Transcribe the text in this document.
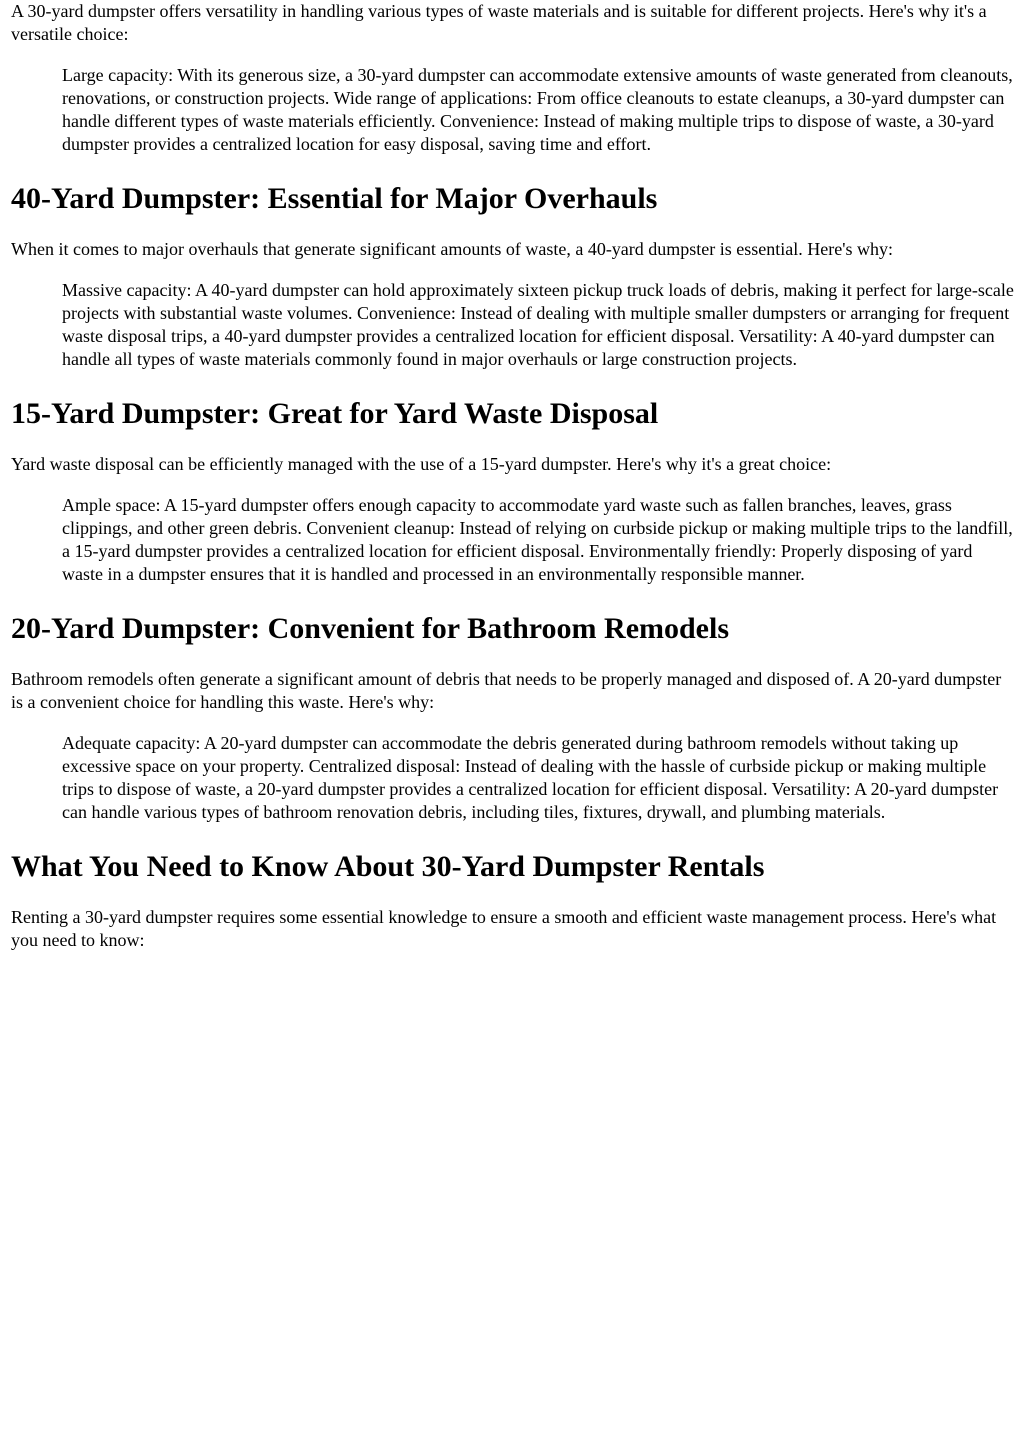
A 30-yard dumpster offers versatility in handling various types of waste materials and is suitable for different projects. Here's why it's a versatile choice:

Large capacity: With its generous size, a 30-yard dumpster can accommodate extensive amounts of waste generated from cleanouts, renovations, or construction projects. Wide range of applications: From office cleanouts to estate cleanups, a 30-yard dumpster can handle different types of waste materials efficiently. Convenience: Instead of making multiple trips to dispose of waste, a 30-yard dumpster provides a centralized location for easy disposal, saving time and effort.
40-Yard Dumpster: Essential for Major Overhauls

When it comes to major overhauls that generate significant amounts of waste, a 40-yard dumpster is essential. Here's why:

Massive capacity: A 40-yard dumpster can hold approximately sixteen pickup truck loads of debris, making it perfect for large-scale projects with substantial waste volumes. Convenience: Instead of dealing with multiple smaller dumpsters or arranging for frequent waste disposal trips, a 40-yard dumpster provides a centralized location for efficient disposal. Versatility: A 40-yard dumpster can handle all types of waste materials commonly found in major overhauls or large construction projects.
15-Yard Dumpster: Great for Yard Waste Disposal

Yard waste disposal can be efficiently managed with the use of a 15-yard dumpster. Here's why it's a great choice:

Ample space: A 15-yard dumpster offers enough capacity to accommodate yard waste such as fallen branches, leaves, grass clippings, and other green debris. Convenient cleanup: Instead of relying on curbside pickup or making multiple trips to the landfill, a 15-yard dumpster provides a centralized location for efficient disposal. Environmentally friendly: Properly disposing of yard waste in a dumpster ensures that it is handled and processed in an environmentally responsible manner.
20-Yard Dumpster: Convenient for Bathroom Remodels

Bathroom remodels often generate a significant amount of debris that needs to be properly managed and disposed of. A 20-yard dumpster is a convenient choice for handling this waste. Here's why:

Adequate capacity: A 20-yard dumpster can accommodate the debris generated during bathroom remodels without taking up excessive space on your property. Centralized disposal: Instead of dealing with the hassle of curbside pickup or making multiple trips to dispose of waste, a 20-yard dumpster provides a centralized location for efficient disposal. Versatility: A 20-yard dumpster can handle various types of bathroom renovation debris, including tiles, fixtures, drywall, and plumbing materials.
What You Need to Know About 30-Yard Dumpster Rentals

Renting a 30-yard dumpster requires some essential knowledge to ensure a smooth and efficient waste management process. Here's what you need to know:
